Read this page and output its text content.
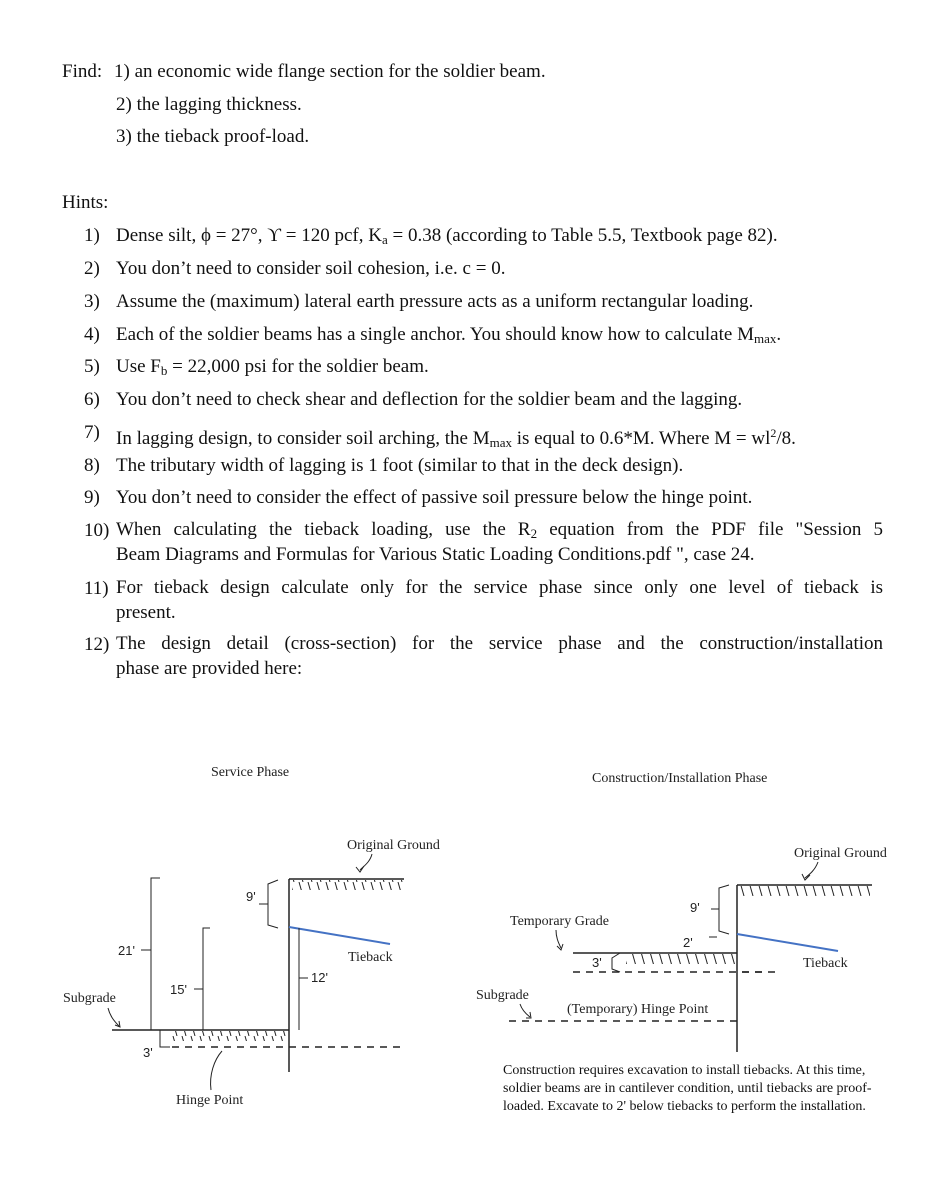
Find: 1) an economic wide flange section for the soldier beam.
2) the lagging thickness.
3) the tieback proof-load.
Hints:
1) Dense silt, ϕ = 27°, ϒ = 120 pcf, $K_a = 0.38$ (according to Table 5.5, Textbook page 82).
2) You don’t need to consider soil cohesion, i.e. c = 0.
3) Assume the (maximum) lateral earth pressure acts as a uniform rectangular loading.
4) Each of the soldier beams has a single anchor. You should know how to calculate $M_{max}$.
5) Use $F_b = 22,000$ psi for the soldier beam.
6) You don’t need to check shear and deflection for the soldier beam and the lagging.
7) In lagging design, to consider soil arching, the $M_{max}$ is equal to 0.6*M. Where $M = wl^2/8$.
8) The tributary width of lagging is 1 foot (similar to that in the deck design).
9) You don’t need to consider the effect of passive soil pressure below the hinge point.
10) When calculating the tieback loading, use the $R_2$ equation from the PDF file "Session 5
Beam Diagrams and Formulas for Various Static Loading Conditions.pdf ", case 24.
11) For tieback design calculate only for the service phase since only one level of tieback is
present.
12) The design detail (cross-section) for the service phase and the construction/installation
phase are provided here:
Service Phase
Original Ground
Tieback
21'
15'
9'
12'
3'
Subgrade
Hinge Point
Construction/Installation Phase
Original Ground
Tieback
Temporary Grade
9'
2'
3'
Subgrade
(Temporary) Hinge Point
Construction requires excavation to install tiebacks. At this time, soldier beams are in cantilever condition, until tiebacks are proof-loaded. Excavate to 2' below tiebacks to perform the installation.
